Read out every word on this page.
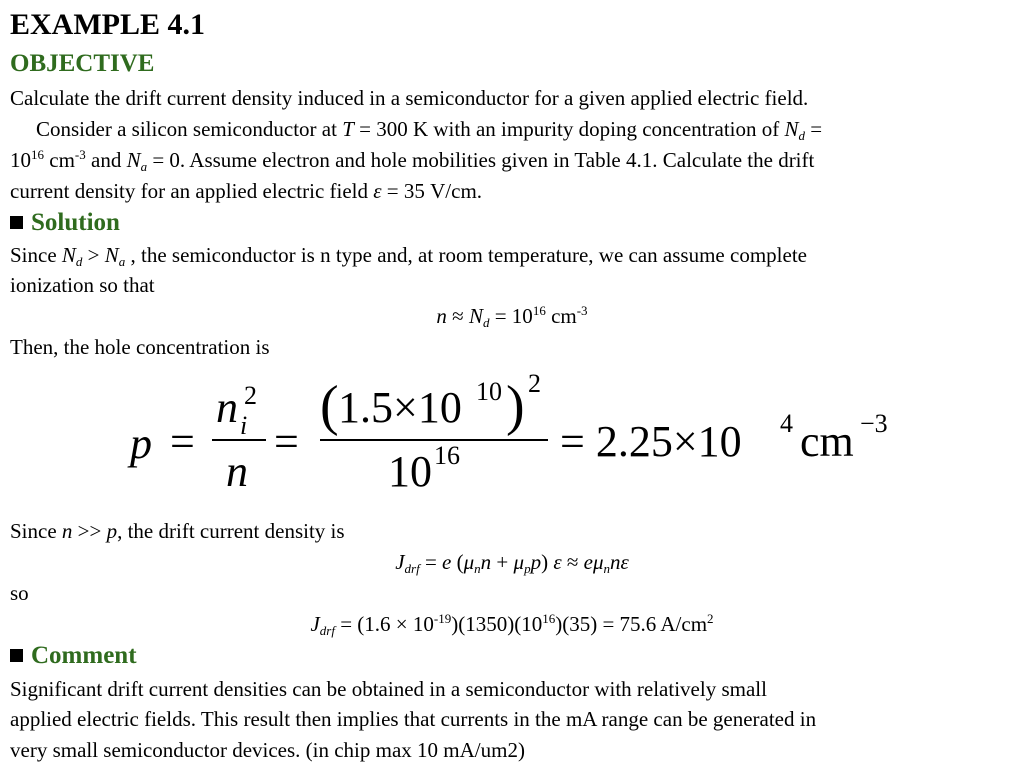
EXAMPLE 4.1
OBJECTIVE
Calculate the drift current density induced in a semiconductor for a given applied electric field.
Consider a silicon semiconductor at T = 300 K with an impurity doping concentration of $N_d$ =
$10^{16}$ $cm^{-3}$ and $N_a = 0$. Assume electron and hole mobilities given in Table 4.1. Calculate the drift
current density for an applied electric field ε = 35 V/cm.
Solution
Since $N_d > N_a$ , the semiconductor is n type and, at room temperature, we can assume complete
ionization so that
$n \approx N_d = 10^{16}$ $cm^{-3}$
Then, the hole concentration is
p =
n i
2
n
=
( 1.5×10 10 ) 2
10 16 = 2.25×10 4 cm −3
Since n >> p, the drift current density is
$J_{drf} = e$ $(\mu_nn + \mu_pp) \varepsilon \approx e\mu_nn\varepsilon$
so
$J_{drf} = (1.6 \times 10^{-19})(1350)(10^{16})(35) = 75.6$ $A/cm^2$
Comment
Significant drift current densities can be obtained in a semiconductor with relatively small
applied electric fields. This result then implies that currents in the mA range can be generated in
very small semiconductor devices. (in chip max 10 mA/um2)
